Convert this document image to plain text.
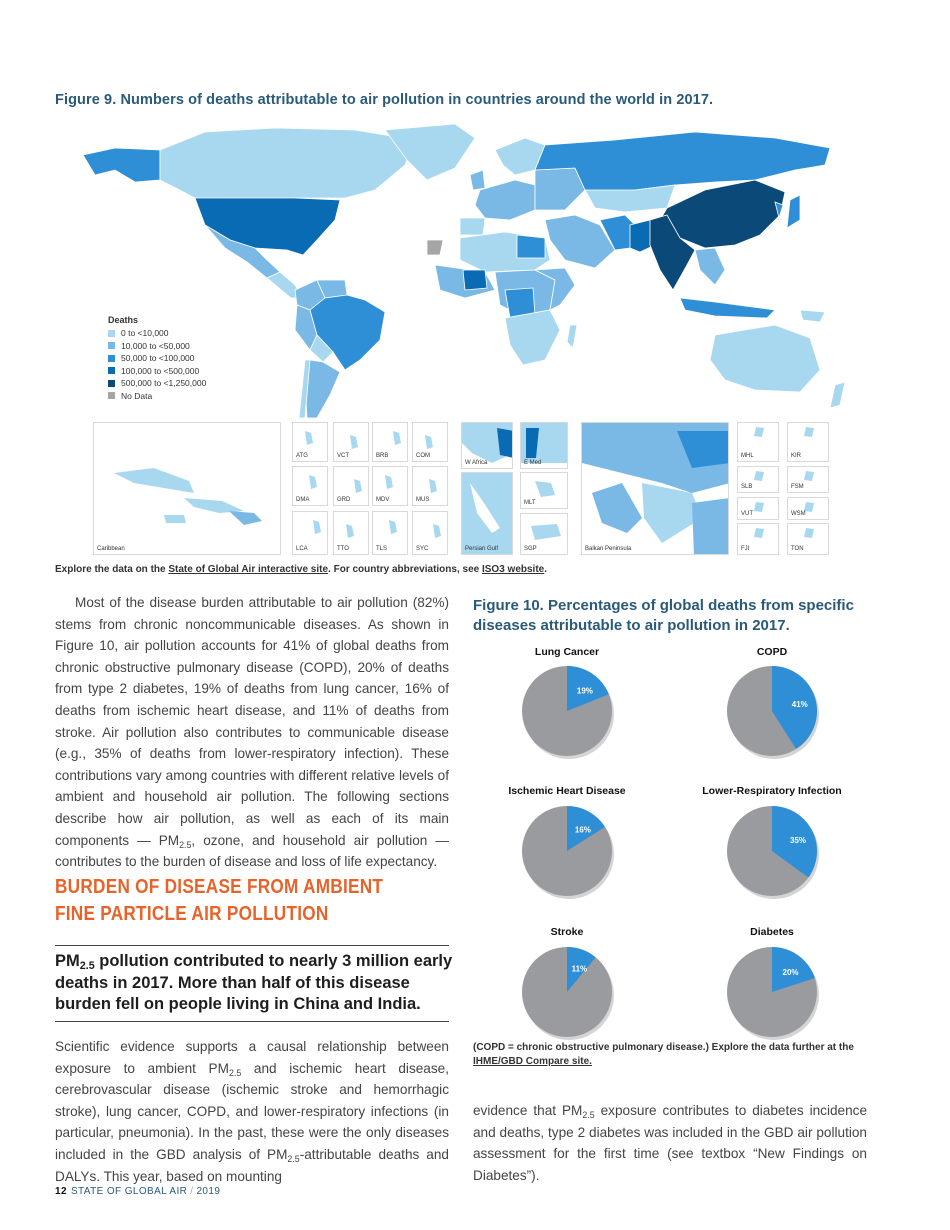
Figure 9. Numbers of deaths attributable to air pollution in countries around the world in 2017.
Deaths
0 to <10,000
10,000 to <50,000
50,000 to <100,000
100,000 to <500,000
500,000 to <1,250,000
No Data
Caribbean
ATG	VCT	BRB	COM
DMA	GRD	MDV	MUS
LCA	TTO	TLS	SYC
W Africa	E Med
MLT
Persian Gulf	SGP	Balkan Peninsula
MHL	KIR
SLB	FSM
VUT	WSM
FJI	TON
Explore the data on the State of Global Air interactive site. For country abbreviations, see ISO3 website.
Most of the disease burden attributable to air pollution (82%) stems from chronic noncommunicable diseases. As shown in Figure 10, air pollution accounts for 41% of global deaths from chronic obstructive pulmonary disease (COPD), 20% of deaths from type 2 diabetes, 19% of deaths from lung cancer, 16% of deaths from ischemic heart disease, and 11% of deaths from stroke. Air pollution also contributes to communicable disease (e.g., 35% of deaths from lower-respiratory infection). These contributions vary among countries with different relative levels of ambient and household air pollution. The following sections describe how air pollution, as well as each of its main components — $PM_{2.5}$, ozone, and household air pollution — contributes to the burden of disease and loss of life expectancy.
BURDEN OF DISEASE FROM AMBIENT FINE PARTICLE AIR POLLUTION
$PM_{2.5}$ pollution contributed to nearly 3 million early deaths in 2017. More than half of this disease burden fell on people living in China and India.
Scientific evidence supports a causal relationship between exposure to ambient $PM_{2.5}$ and ischemic heart disease, cerebrovascular disease (ischemic stroke and hemorrhagic stroke), lung cancer, COPD, and lower-respiratory infections (in particular, pneumonia). In the past, these were the only diseases included in the GBD analysis of $PM_{2.5}$-attributable deaths and DALYs. This year, based on mounting
Figure 10. Percentages of global deaths from specific diseases attributable to air pollution in 2017.
Lung Cancer
19%
COPD
41%
Ischemic Heart Disease
16%
Lower-Respiratory Infection
35%
Stroke
11%
Diabetes
20%
(COPD = chronic obstructive pulmonary disease.) Explore the data further at the IHME/GBD Compare site.
evidence that $PM_{2.5}$ exposure contributes to diabetes incidence and deaths, type 2 diabetes was included in the GBD air pollution assessment for the first time (see textbox “New Findings on Diabetes”).
12 STATE OF GLOBAL AIR / 2019
